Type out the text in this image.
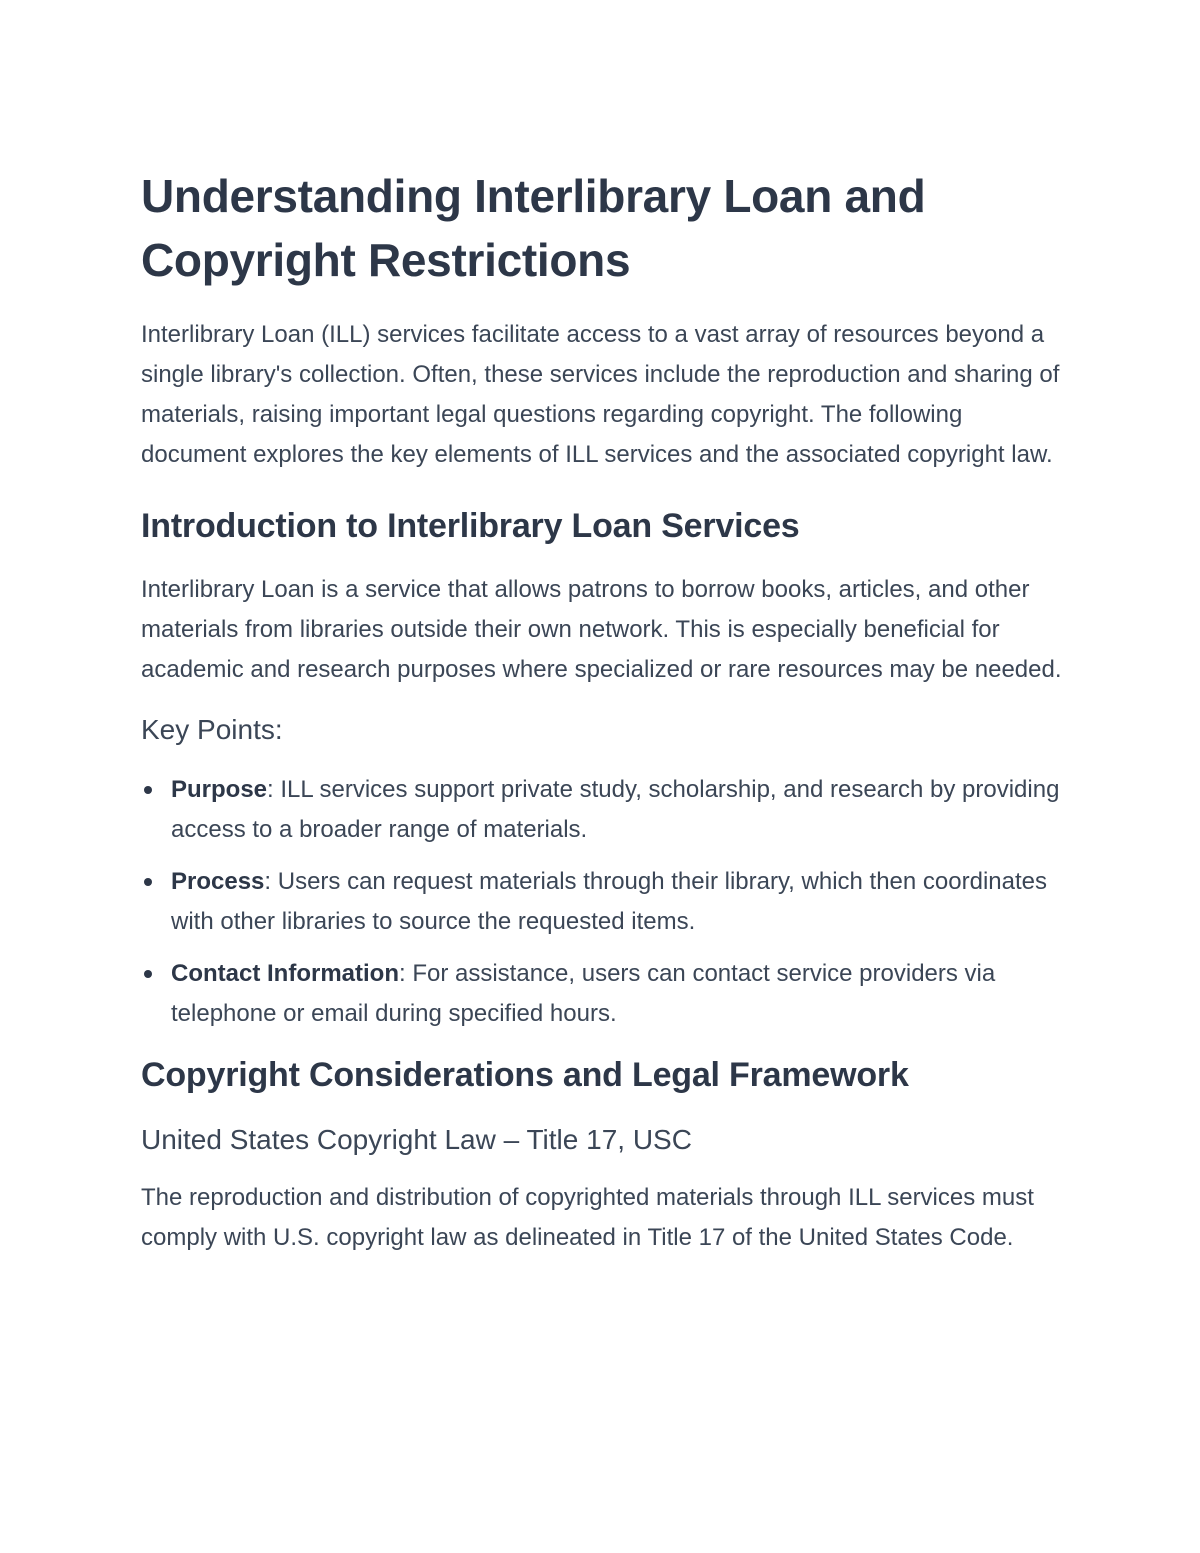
Understanding Interlibrary Loan and Copyright Restrictions

Interlibrary Loan (ILL) services facilitate access to a vast array of resources beyond a single library's collection. Often, these services include the reproduction and sharing of materials, raising important legal questions regarding copyright. The following document explores the key elements of ILL services and the associated copyright law.

Introduction to Interlibrary Loan Services

Interlibrary Loan is a service that allows patrons to borrow books, articles, and other materials from libraries outside their own network. This is especially beneficial for academic and research purposes where specialized or rare resources may be needed.

Key Points:
Purpose: ILL services support private study, scholarship, and research by providing access to a broader range of materials.
Process: Users can request materials through their library, which then coordinates with other libraries to source the requested items.
Contact Information: For assistance, users can contact service providers via telephone or email during specified hours.
Copyright Considerations and Legal Framework
United States Copyright Law – Title 17, USC

The reproduction and distribution of copyrighted materials through ILL services must comply with U.S. copyright law as delineated in Title 17 of the United States Code.
